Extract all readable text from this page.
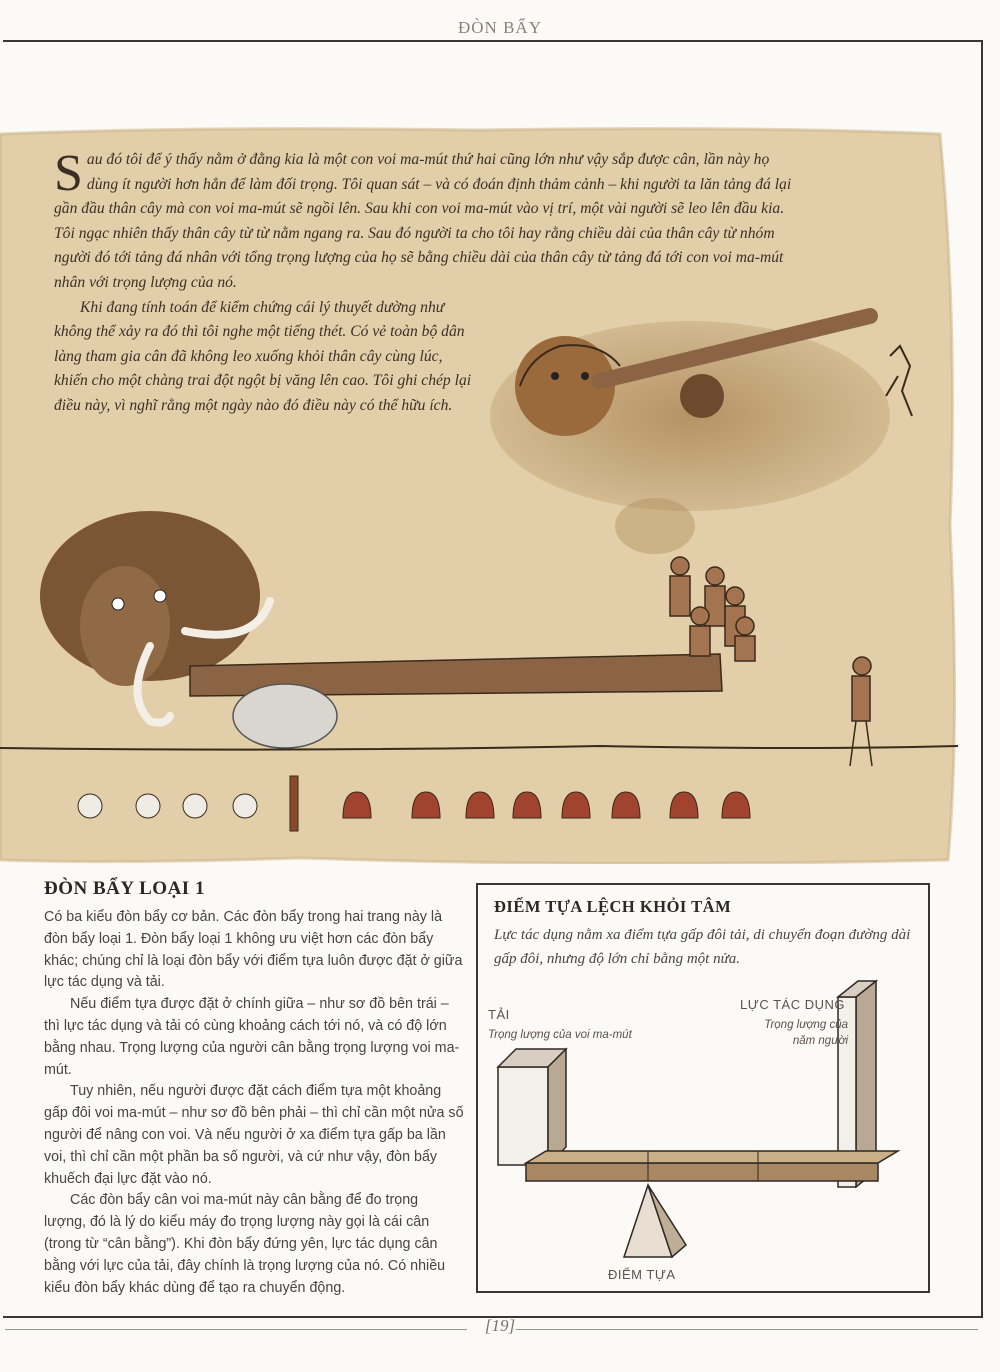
ĐÒN BẨY

Sau đó tôi để ý thấy nằm ở đằng kia là một con voi ma-mút thứ hai cũng lớn như vậy sắp được cân, lần này họ dùng ít người hơn hẳn để làm đối trọng. Tôi quan sát – và có đoán định thảm cảnh – khi người ta lăn tảng đá lại gần đầu thân cây mà con voi ma-mút sẽ ngồi lên. Sau khi con voi ma-mút vào vị trí, một vài người sẽ leo lên đầu kia. Tôi ngạc nhiên thấy thân cây từ từ nằm ngang ra. Sau đó người ta cho tôi hay rằng chiều dài của thân cây từ nhóm người đó tới tảng đá nhân với tổng trọng lượng của họ sẽ bằng chiều dài của thân cây từ tảng đá tới con voi ma-mút nhân với trọng lượng của nó.

Khi đang tính toán để kiểm chứng cái lý thuyết dường như không thể xảy ra đó thì tôi nghe một tiếng thét. Có vẻ toàn bộ dân làng tham gia cân đã không leo xuống khỏi thân cây cùng lúc, khiến cho một chàng trai đột ngột bị văng lên cao. Tôi ghi chép lại điều này, vì nghĩ rằng một ngày nào đó điều này có thể hữu ích.

ĐÒN BẨY LOẠI 1

Có ba kiểu đòn bẩy cơ bản. Các đòn bẩy trong hai trang này là đòn bẩy loại 1. Đòn bẩy loại 1 không ưu việt hơn các đòn bẩy khác; chúng chỉ là loại đòn bẩy với điểm tựa luôn được đặt ở giữa lực tác dụng và tải.

Nếu điểm tựa được đặt ở chính giữa – như sơ đồ bên trái – thì lực tác dụng và tải có cùng khoảng cách tới nó, và có độ lớn bằng nhau. Trọng lượng của người cân bằng trọng lượng voi ma-mút.

Tuy nhiên, nếu người được đặt cách điểm tựa một khoảng gấp đôi voi ma-mút – như sơ đồ bên phải – thì chỉ cần một nửa số người để nâng con voi. Và nếu người ở xa điểm tựa gấp ba lần voi, thì chỉ cần một phần ba số người, và cứ như vậy, đòn bẩy khuếch đại lực đặt vào nó.

Các đòn bẩy cân voi ma-mút này cân bằng để đo trọng lượng, đó là lý do kiểu máy đo trọng lượng này gọi là cái cân (trong từ “cân bằng”). Khi đòn bẩy đứng yên, lực tác dụng cân bằng với lực của tải, đây chính là trọng lượng của nó. Có nhiều kiểu đòn bẩy khác dùng để tạo ra chuyển động.

ĐIỂM TỰA LỆCH KHỎI TÂM
Lực tác dụng nằm xa điểm tựa gấp đôi tải, di chuyển đoạn đường dài gấp đôi, nhưng độ lớn chỉ bằng một nửa.
TẢI
Trọng lượng của voi ma-mút
LỰC TÁC DỤNG
Trọng lượng của
năm người
ĐIỂM TỰA
[19]
